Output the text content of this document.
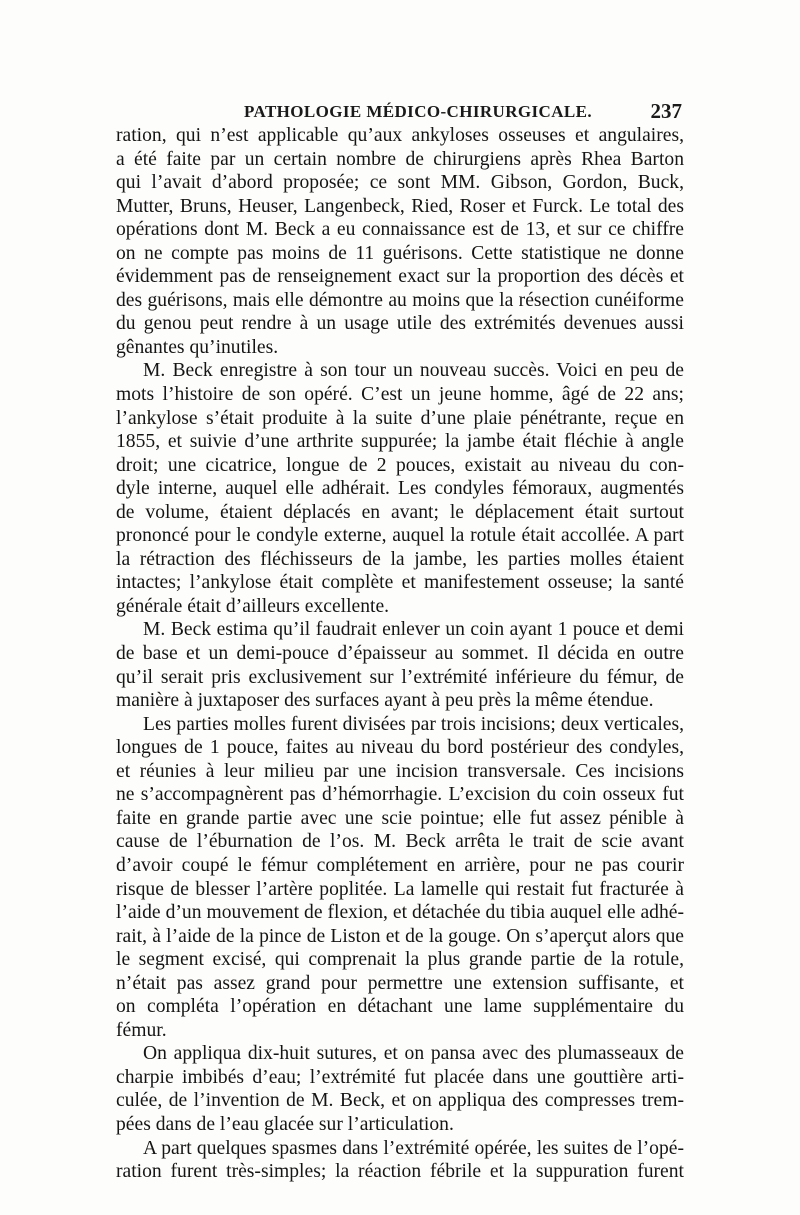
PATHOLOGIE MÉDICO-CHIRURGICALE.	237
ration, qui n’est applicable qu’aux ankyloses osseuses et angulaires,
a été faite par un certain nombre de chirurgiens après Rhea Barton
qui l’avait d’abord proposée; ce sont MM. Gibson, Gordon, Buck,
Mutter, Bruns, Heuser, Langenbeck, Ried, Roser et Furck. Le total des
opérations dont M. Beck a eu connaissance est de 13, et sur ce chiffre
on ne compte pas moins de 11 guérisons. Cette statistique ne donne
évidemment pas de renseignement exact sur la proportion des décès et
des guérisons, mais elle démontre au moins que la résection cunéiforme
du genou peut rendre à un usage utile des extrémités devenues aussi
gênantes qu’inutiles.
M. Beck enregistre à son tour un nouveau succès. Voici en peu de
mots l’histoire de son opéré. C’est un jeune homme, âgé de 22 ans;
l’ankylose s’était produite à la suite d’une plaie pénétrante, reçue en
1855, et suivie d’une arthrite suppurée; la jambe était fléchie à angle
droit; une cicatrice, longue de 2 pouces, existait au niveau du con-
dyle interne, auquel elle adhérait. Les condyles fémoraux, augmentés
de volume, étaient déplacés en avant; le déplacement était surtout
prononcé pour le condyle externe, auquel la rotule était accollée. A part
la rétraction des fléchisseurs de la jambe, les parties molles étaient
intactes; l’ankylose était complète et manifestement osseuse; la santé
générale était d’ailleurs excellente.
M. Beck estima qu’il faudrait enlever un coin ayant 1 pouce et demi
de base et un demi-pouce d’épaisseur au sommet. Il décida en outre
qu’il serait pris exclusivement sur l’extrémité inférieure du fémur, de
manière à juxtaposer des surfaces ayant à peu près la même étendue.
Les parties molles furent divisées par trois incisions; deux verticales,
longues de 1 pouce, faites au niveau du bord postérieur des condyles,
et réunies à leur milieu par une incision transversale. Ces incisions
ne s’accompagnèrent pas d’hémorrhagie. L’excision du coin osseux fut
faite en grande partie avec une scie pointue; elle fut assez pénible à
cause de l’éburnation de l’os. M. Beck arrêta le trait de scie avant
d’avoir coupé le fémur complétement en arrière, pour ne pas courir
risque de blesser l’artère poplitée. La lamelle qui restait fut fracturée à
l’aide d’un mouvement de flexion, et détachée du tibia auquel elle adhé-
rait, à l’aide de la pince de Liston et de la gouge. On s’aperçut alors que
le segment excisé, qui comprenait la plus grande partie de la rotule,
n’était pas assez grand pour permettre une extension suffisante, et
on compléta l’opération en détachant une lame supplémentaire du
fémur.
On appliqua dix-huit sutures, et on pansa avec des plumasseaux de
charpie imbibés d’eau; l’extrémité fut placée dans une gouttière arti-
culée, de l’invention de M. Beck, et on appliqua des compresses trem-
pées dans de l’eau glacée sur l’articulation.
A part quelques spasmes dans l’extrémité opérée, les suites de l’opé-
ration furent très-simples; la réaction fébrile et la suppuration furent
